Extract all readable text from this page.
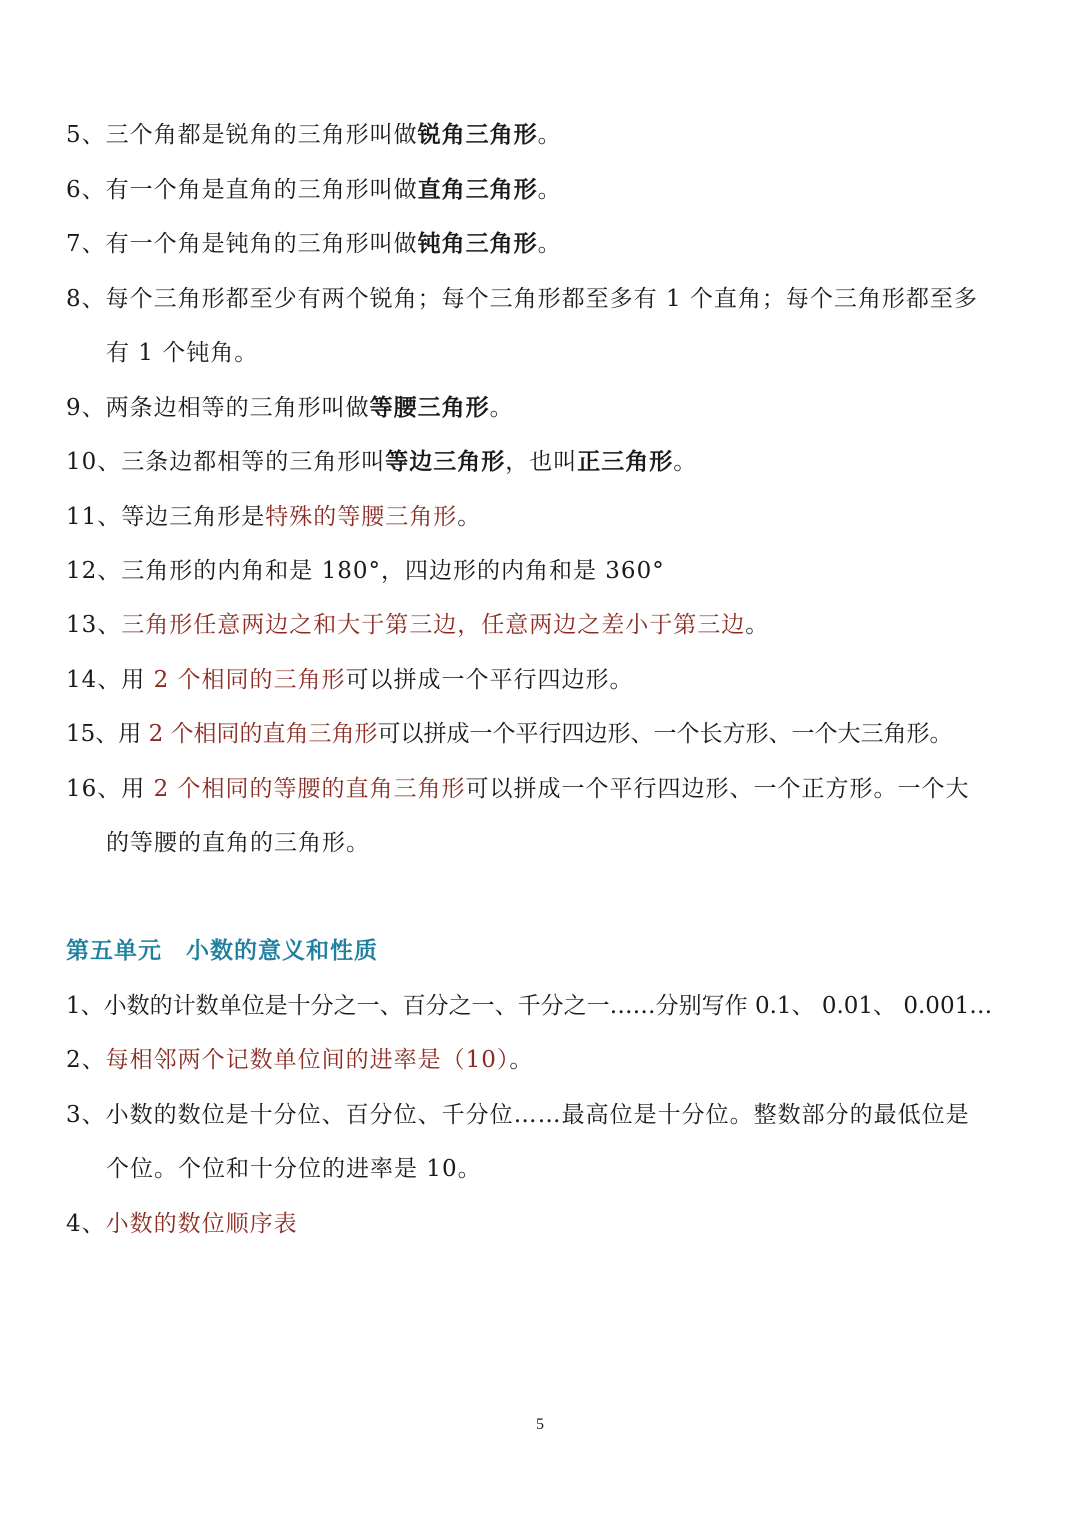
5、三个角都是锐角的三角形叫做锐角三角形。
6、有一个角是直角的三角形叫做直角三角形。
7、有一个角是钝角的三角形叫做钝角三角形。
8、每个三角形都至少有两个锐角；每个三角形都至多有 1 个直角；每个三角形都至多
有 1 个钝角。
9、两条边相等的三角形叫做等腰三角形。
10、三条边都相等的三角形叫等边三角形，也叫正三角形。
11、等边三角形是特殊的等腰三角形。
12、三角形的内角和是 180°，四边形的内角和是 360°
13、三角形任意两边之和大于第三边，任意两边之差小于第三边。
14、用 2 个相同的三角形可以拼成一个平行四边形。
15、用 2 个相同的直角三角形可以拼成一个平行四边形、一个长方形、一个大三角形。
16、用 2 个相同的等腰的直角三角形可以拼成一个平行四边形、一个正方形。一个大
的等腰的直角的三角形。
第五单元　小数的意义和性质
1、小数的计数单位是十分之一、百分之一、千分之一……分别写作 0.1、 0.01、 0.001…
2、每相邻两个记数单位间的进率是（10）。
3、小数的数位是十分位、百分位、千分位……最高位是十分位。整数部分的最低位是
个位。个位和十分位的进率是 10。
4、小数的数位顺序表
5
